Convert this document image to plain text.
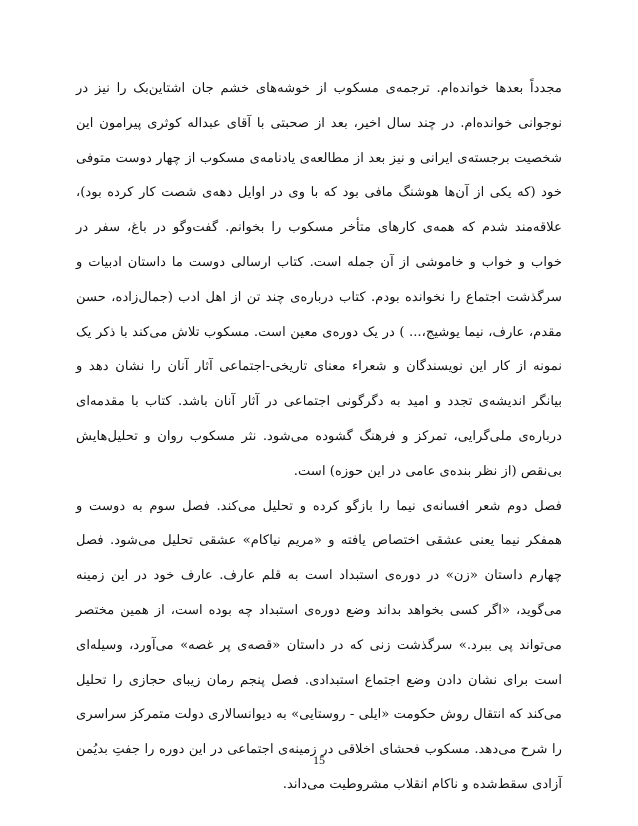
مجدداً بعدها خوانده‌ام. ترجمه‌ی مسکوب از خوشه‌های خشم جان اشتاین‌بک را نیز در نوجوانی خوانده‌ام. در چند سال اخیر، بعد از صحبتی با آقای عبداله کوثری پیرامون این شخصیت برجسته‌ی ایرانی و نیز بعد از مطالعه‌ی یادنامه‌ی مسکوب از چهار دوست متوفی خود (که یکی از آن‌ها هوشنگ مافی بود که با وی در اوایل دهه‌ی شصت کار کرده بود)، علاقه‌مند شدم که همه‌ی کارهای متأخر مسکوب را بخوانم. گفت‌وگو در باغ، سفر در خواب و خواب و خاموشی از آن جمله است. کتاب ارسالی دوست ما داستان ادبیات و سرگذشت اجتماع را نخوانده بودم. کتاب درباره‌ی چند تن از اهل ادب (جمال‌زاده، حسن مقدم، عارف، نیما یوشیج،... ) در یک دوره‌ی معین است. مسکوب تلاش می‌کند با ذکر یک نمونه از کار این نویسندگان و شعراء معنای تاریخی-اجتماعی آثار آنان را نشان دهد و بیانگر اندیشه‌ی تجدد و امید به دگرگونی اجتماعی در آثار آنان باشد. کتاب با مقدمه‌ای درباره‌ی ملی‌گرایی، تمرکز و فرهنگ گشوده می‌شود. نثر مسکوب روان و تحلیل‌هایش بی‌نقص (از نظر بنده‌ی عامی در این حوزه) است.

فصل دوم شعر افسانه‌ی نیما را بازگو کرده و تحلیل می‌کند. فصل سوم به دوست و همفکر نیما یعنی عشقی اختصاص یافته و «مریم نیاکام» عشقی تحلیل می‌شود. فصل چهارم داستان «زن» در دوره‌ی استبداد است به قلم عارف. عارف خود در این زمینه می‌گوید، «اگر کسی بخواهد بداند وضع دوره‌ی استبداد چه بوده است، از همین مختصر می‌تواند پی ببرد.» سرگذشت زنی که در داستان «قصه‌ی پر غصه» می‌آورد، وسیله‌ای است برای نشان دادن وضع اجتماع استبدادی. فصل پنجم رمان زیبای حجازی را تحلیل می‌کند که انتقال روش حکومت «ایلی - روستایی» به دیوانسالاری دولت متمرکز سراسری را شرح می‌دهد. مسکوب فحشای اخلاقی در زمینه‌ی اجتماعی در این دوره را جفتِ بدیُمن آزادی سقط‌شده و ناکام انقلاب مشروطیت می‌داند.

15
